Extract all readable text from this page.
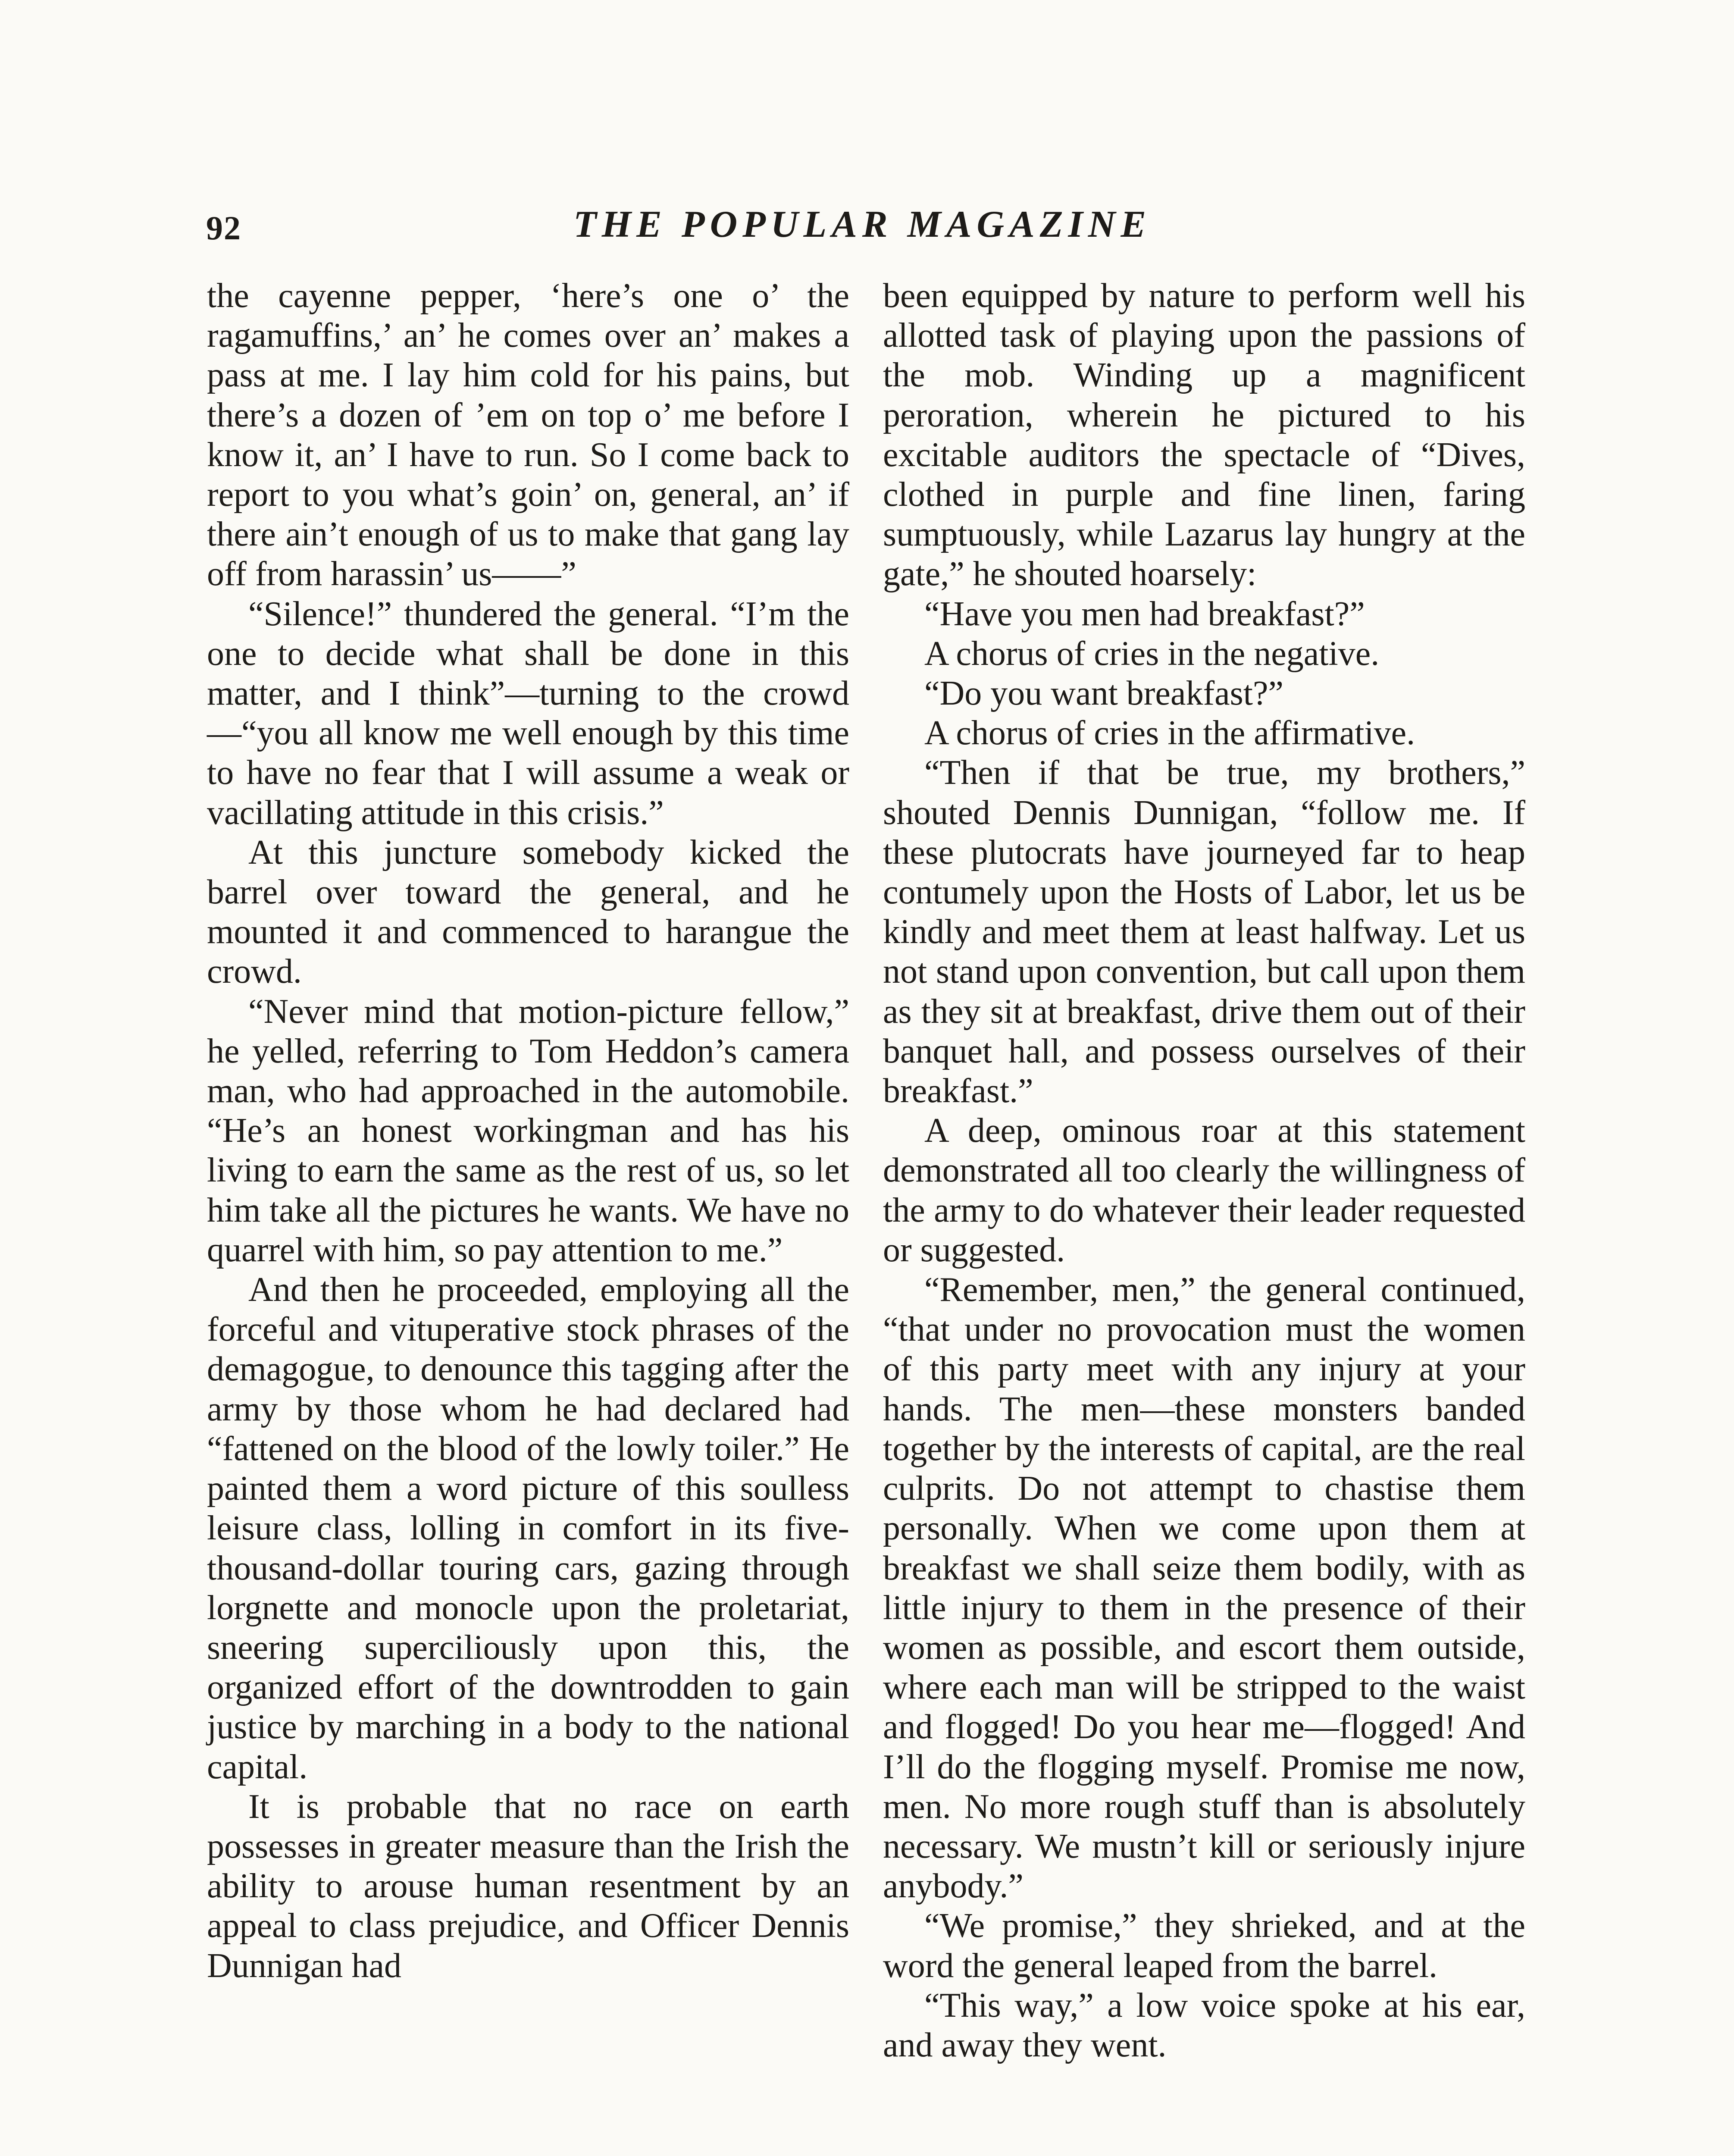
92	THE POPULAR MAGAZINE

the cayenne pepper, ‘here’s one o’ the ragamuffins,’ an’ he comes over an’ makes a pass at me. I lay him cold for his pains, but there’s a dozen of ’em on top o’ me before I know it, an’ I have to run. So I come back to report to you what’s goin’ on, general, an’ if there ain’t enough of us to make that gang lay off from harassin’ us——”

“Silence!” thundered the general. “I’m the one to decide what shall be done in this matter, and I think”—turning to the crowd—“you all know me well enough by this time to have no fear that I will assume a weak or vacillating attitude in this crisis.”

At this juncture somebody kicked the barrel over toward the general, and he mounted it and commenced to harangue the crowd.

“Never mind that motion-picture fellow,” he yelled, referring to Tom Heddon’s camera man, who had approached in the automobile. “He’s an honest workingman and has his living to earn the same as the rest of us, so let him take all the pictures he wants. We have no quarrel with him, so pay attention to me.”

And then he proceeded, employing all the forceful and vituperative stock phrases of the demagogue, to denounce this tagging after the army by those whom he had declared had “fattened on the blood of the lowly toiler.” He painted them a word picture of this soulless leisure class, lolling in comfort in its five-thousand-dollar touring cars, gazing through lorgnette and monocle upon the proletariat, sneering superciliously upon this, the organized effort of the downtrodden to gain justice by marching in a body to the national capital.

It is probable that no race on earth possesses in greater measure than the Irish the ability to arouse human resentment by an appeal to class prejudice, and Officer Dennis Dunnigan had

been equipped by nature to perform well his allotted task of playing upon the passions of the mob. Winding up a magnificent peroration, wherein he pictured to his excitable auditors the spectacle of “Dives, clothed in purple and fine linen, faring sumptuously, while Lazarus lay hungry at the gate,” he shouted hoarsely:

“Have you men had breakfast?”

A chorus of cries in the negative.

“Do you want breakfast?”

A chorus of cries in the affirmative.

“Then if that be true, my brothers,” shouted Dennis Dunnigan, “follow me. If these plutocrats have journeyed far to heap contumely upon the Hosts of Labor, let us be kindly and meet them at least halfway. Let us not stand upon convention, but call upon them as they sit at breakfast, drive them out of their banquet hall, and possess ourselves of their breakfast.”

A deep, ominous roar at this statement demonstrated all too clearly the willingness of the army to do whatever their leader requested or suggested.

“Remember, men,” the general continued, “that under no provocation must the women of this party meet with any injury at your hands. The men—these monsters banded together by the interests of capital, are the real culprits. Do not attempt to chastise them personally. When we come upon them at breakfast we shall seize them bodily, with as little injury to them in the presence of their women as possible, and escort them outside, where each man will be stripped to the waist and flogged! Do you hear me—flogged! And I’ll do the flogging myself. Promise me now, men. No more rough stuff than is absolutely necessary. We mustn’t kill or seriously injure anybody.”

“We promise,” they shrieked, and at the word the general leaped from the barrel.

“This way,” a low voice spoke at his ear, and away they went.
